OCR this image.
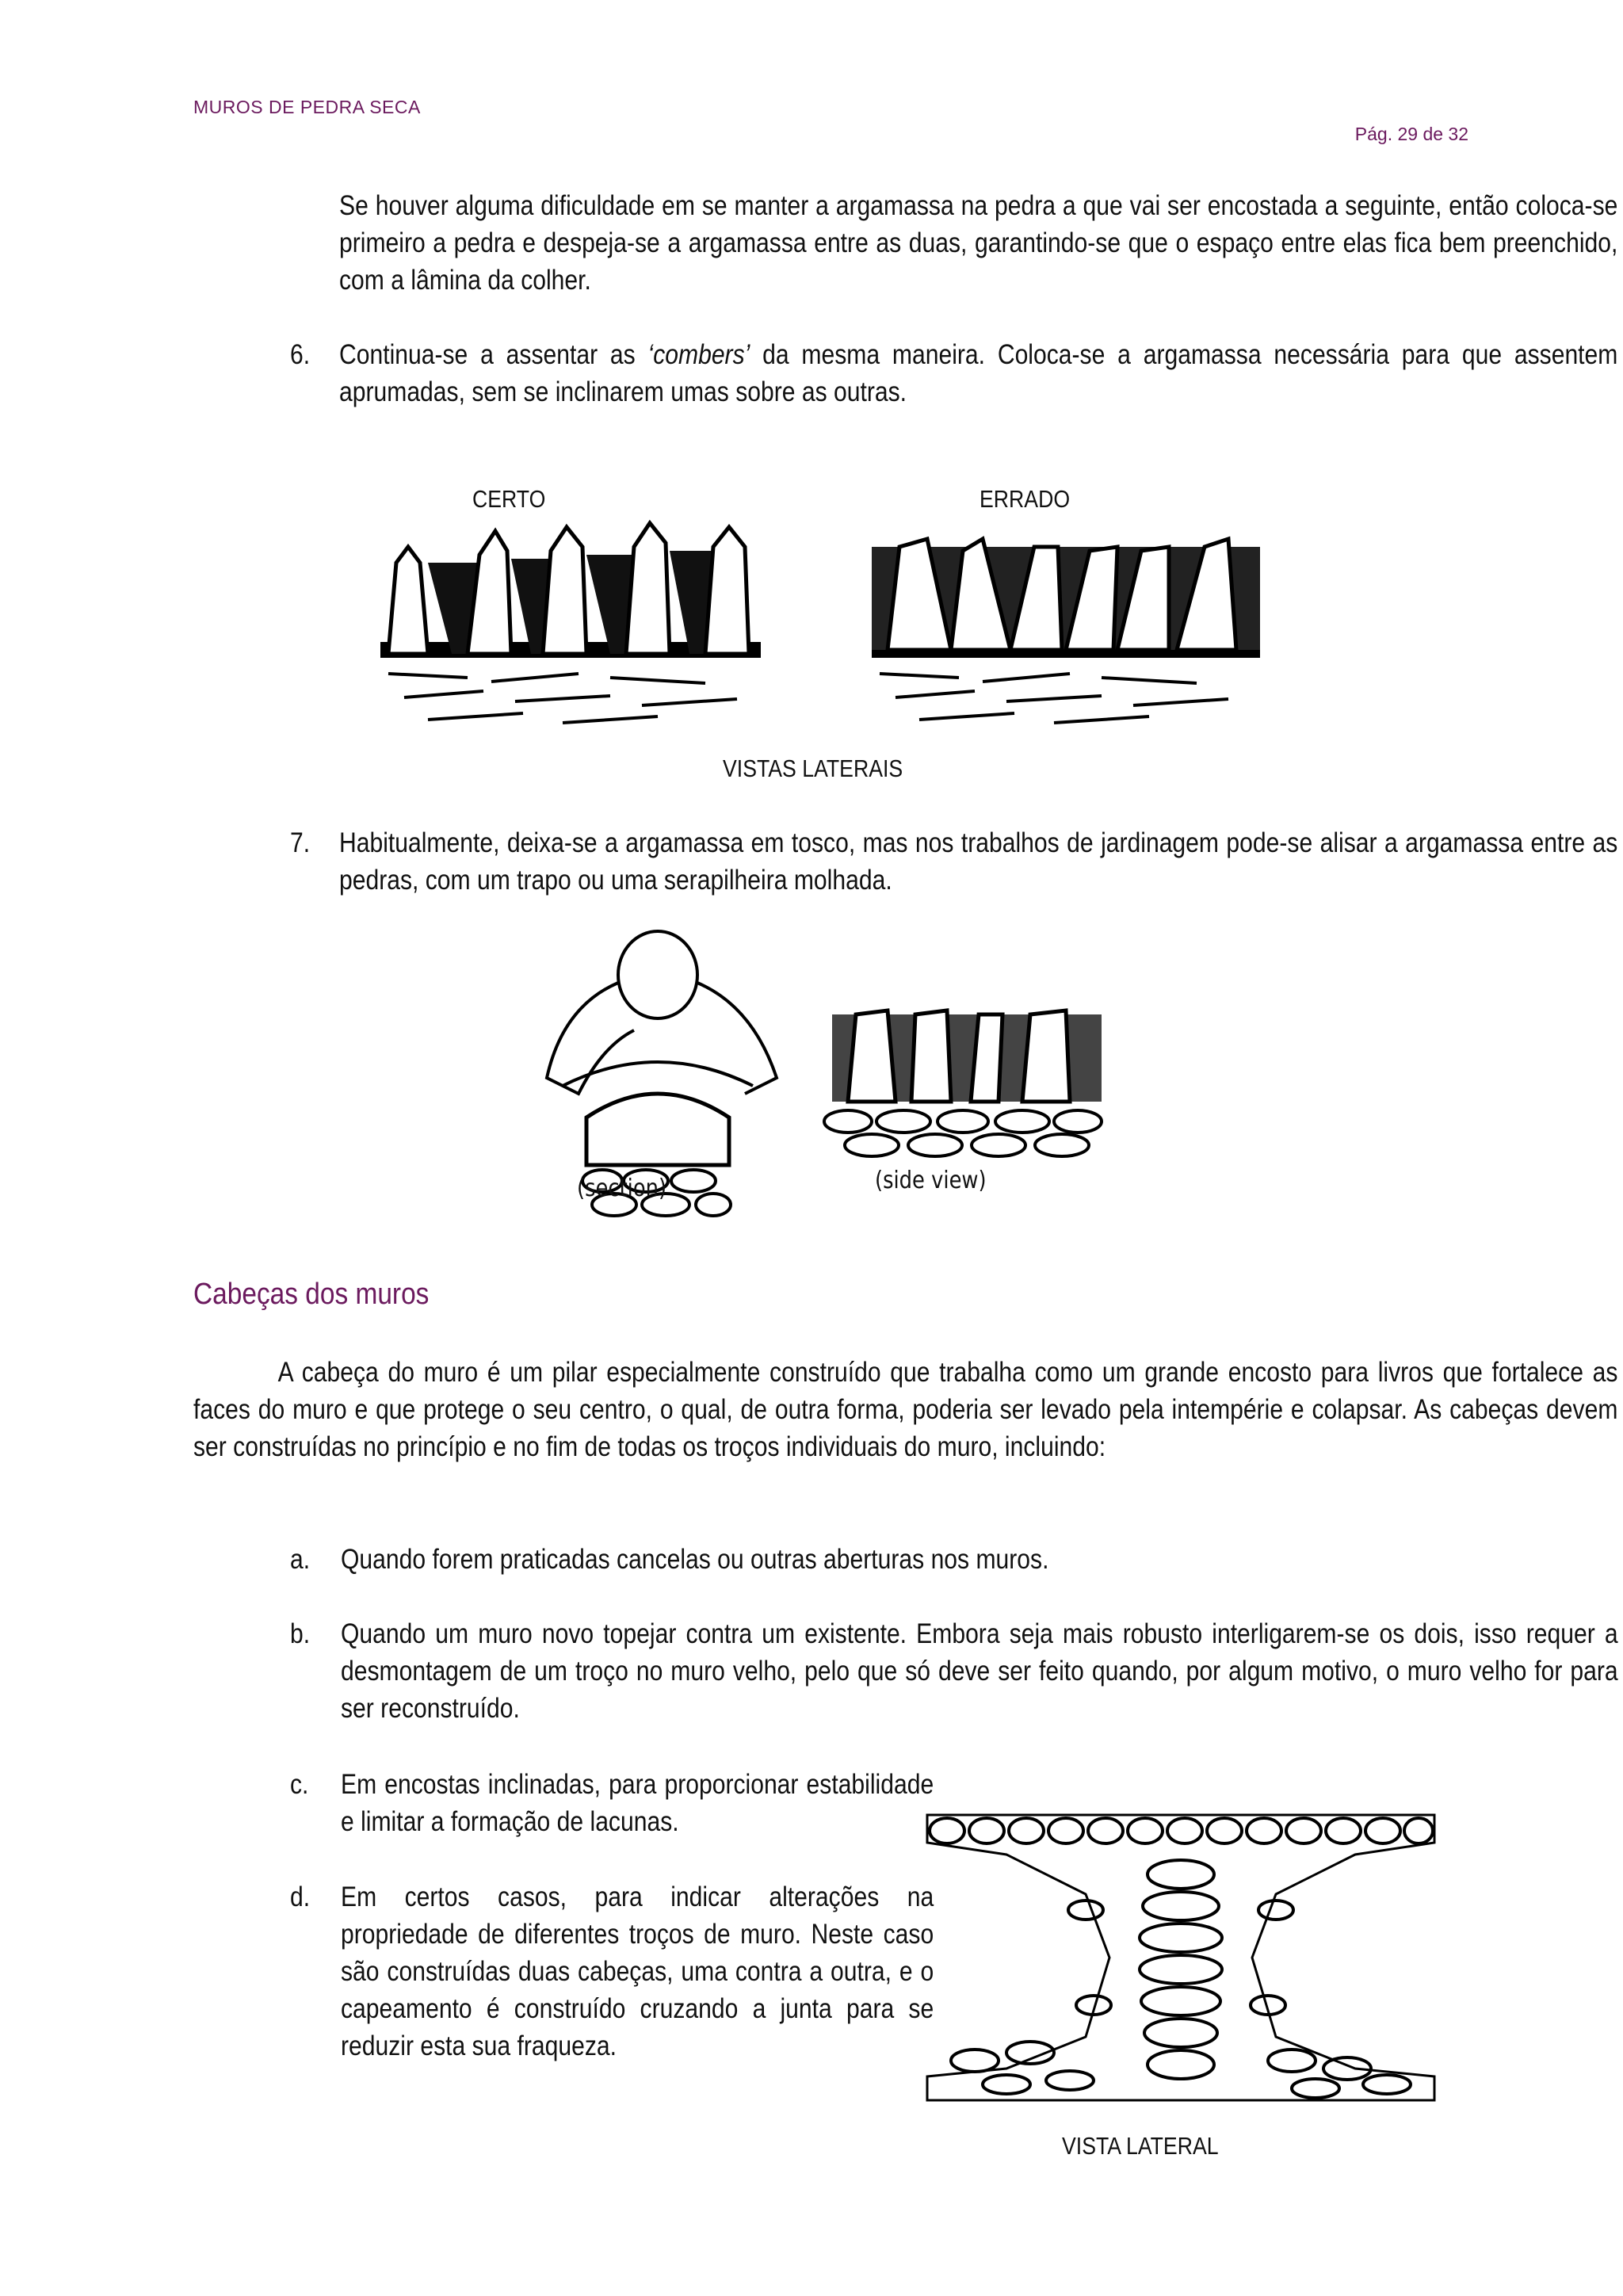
MUROS DE PEDRA SECA
Pág. 29 de 32
Se houver alguma dificuldade em se manter a argamassa na pedra a que vai ser encostada a seguinte, então coloca-se primeiro a pedra e despeja-se a argamassa entre as duas, garantindo-se que o espaço entre elas fica bem preenchido, com a lâmina da colher.
6. Continua-se a assentar as ‘combers’ da mesma maneira. Coloca-se a argamassa necessária para que assentem aprumadas, sem se inclinarem umas sobre as outras.
CERTO	ERRADO
VISTAS LATERAIS
7. Habitualmente, deixa-se a argamassa em tosco, mas nos trabalhos de jardinagem pode-se alisar a argamassa entre as pedras, com um trapo ou uma serapilheira molhada.
(section)	(side view)
Cabeças dos muros
A cabeça do muro é um pilar especialmente construído que trabalha como um grande encosto para livros que fortalece as faces do muro e que protege o seu centro, o qual, de outra forma, poderia ser levado pela intempérie e colapsar. As cabeças devem ser construídas no princípio e no fim de todas os troços individuais do muro, incluindo:
a. Quando forem praticadas cancelas ou outras aberturas nos muros.
b. Quando um muro novo topejar contra um existente. Embora seja mais robusto interligarem-se os dois, isso requer a desmontagem de um troço no muro velho, pelo que só deve ser feito quando, por algum motivo, o muro velho for para ser reconstruído.
c. Em encostas inclinadas, para proporcionar estabilidade e limitar a formação de lacunas.
d. Em certos casos, para indicar alterações na propriedade de diferentes troços de muro. Neste caso são construídas duas cabeças, uma contra a outra, e o capeamento é construído cruzando a junta para se reduzir esta sua fraqueza.
VISTA LATERAL
